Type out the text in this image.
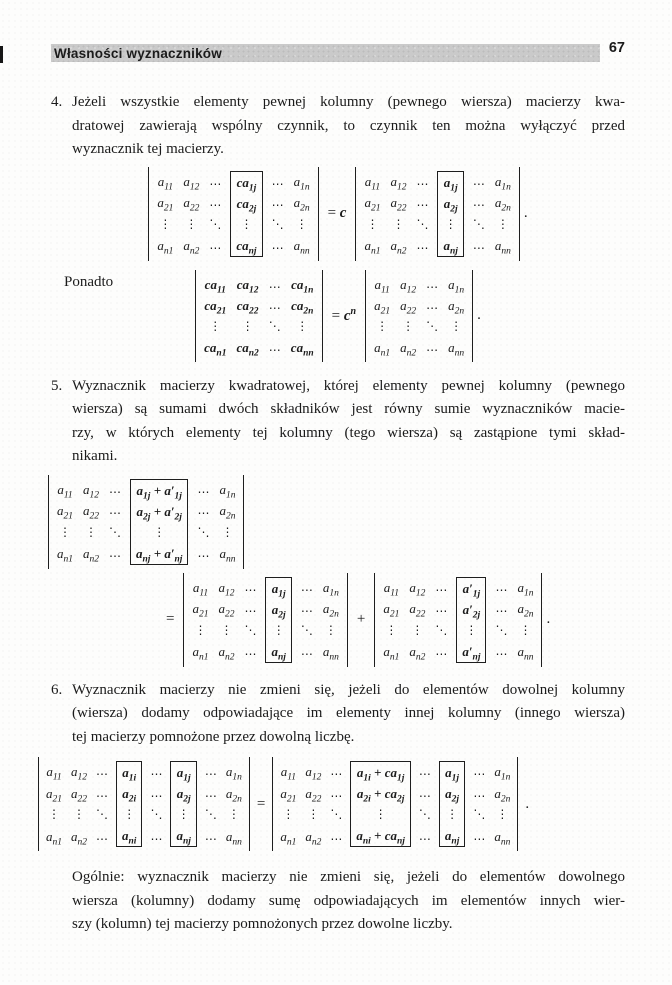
Własności wyznaczników	67
4. Jeżeli wszystkie elementy pewnej kolumny (pewnego wiersza) macierzy kwa-
dratowej zawierają wspólny czynnik, to czynnik ten można wyłączyć przed
wyznacznik tej macierzy.
$a_{11}$
$a_{21}$
⋮
$a_{n1}$
$a_{12}$
$a_{22}$
⋮
$a_{n2}$
…
…
⋱
…
$ca_{1j}$
$ca_{2j}$
⋮
$ca_{nj}$
…
…
⋱
…
$a_{1n}$
$a_{2n}$
⋮
$a_{nn}$
= c
$a_{11}$
$a_{21}$
⋮
$a_{n1}$
$a_{12}$
$a_{22}$
⋮
$a_{n2}$
…
…
⋱
…
$a_{1j}$
$a_{2j}$
⋮
$a_{nj}$
…
…
⋱
…
$a_{1n}$
$a_{2n}$
⋮
$a_{nn}$
.
Ponadto	$ca_{11}$
$ca_{21}$
⋮
$ca_{n1}$
$ca_{12}$
$ca_{22}$
⋮
$ca_{n2}$
…
…
⋱
…
$ca_{1n}$
$ca_{2n}$
⋮
$ca_{nn}$
= $c^n$
$a_{11}$
$a_{21}$
⋮
$a_{n1}$
$a_{12}$
$a_{22}$
⋮
$a_{n2}$
…
…
⋱
…
$a_{1n}$
$a_{2n}$
⋮
$a_{nn}$
.
5. Wyznacznik macierzy kwadratowej, której elementy pewnej kolumny (pewnego
wiersza) są sumami dwóch składników jest równy sumie wyznaczników macie-
rzy, w których elementy tej kolumny (tego wiersza) są zastąpione tymi skład-
nikami.
$a_{11}$
$a_{21}$
⋮
$a_{n1}$
$a_{12}$
$a_{22}$
⋮
$a_{n2}$
…
…
⋱
…
$a_{1j} + a'_{1j}$
$a_{2j} + a'_{2j}$
⋮
$a_{nj} + a'_{nj}$
…
…
⋱
…
$a_{1n}$
$a_{2n}$
⋮
$a_{nn}$
=
$a_{11}$
$a_{21}$
⋮
$a_{n1}$
$a_{12}$
$a_{22}$
⋮
$a_{n2}$
…
…
⋱
…
$a_{1j}$
$a_{2j}$
⋮
$a_{nj}$
…
…
⋱
…
$a_{1n}$
$a_{2n}$
⋮
$a_{nn}$
+
$a_{11}$
$a_{21}$
⋮
$a_{n1}$
$a_{12}$
$a_{22}$
⋮
$a_{n2}$
…
…
⋱
…
$a'_{1j}$
$a'_{2j}$
⋮
$a'_{nj}$
…
…
⋱
…
$a_{1n}$
$a_{2n}$
⋮
$a_{nn}$
.
6. Wyznacznik macierzy nie zmieni się, jeżeli do elementów dowolnej kolumny
(wiersza) dodamy odpowiadające im elementy innej kolumny (innego wiersza)
tej macierzy pomnożone przez dowolną liczbę.
$a_{11}$
$a_{21}$
⋮
$a_{n1}$
$a_{12}$
$a_{22}$
⋮
$a_{n2}$
…
…
⋱
…
$a_{1i}$
$a_{2i}$
⋮
$a_{ni}$
…
…
⋱
…
$a_{1j}$
$a_{2j}$
⋮
$a_{nj}$
…
…
⋱
…
$a_{1n}$
$a_{2n}$
⋮
$a_{nn}$
=
$a_{11}$
$a_{21}$
⋮
$a_{n1}$
$a_{12}$
$a_{22}$
⋮
$a_{n2}$
…
…
⋱
…
$a_{1i} + ca_{1j}$
$a_{2i} + ca_{2j}$
⋮
$a_{ni} + ca_{nj}$
…
…
⋱
…
$a_{1j}$
$a_{2j}$
⋮
$a_{nj}$
…
…
⋱
…
$a_{1n}$
$a_{2n}$
⋮
$a_{nn}$
.
Ogólnie: wyznacznik macierzy nie zmieni się, jeżeli do elementów dowolnego
wiersza (kolumny) dodamy sumę odpowiadających im elementów innych wier-
szy (kolumn) tej macierzy pomnożonych przez dowolne liczby.
